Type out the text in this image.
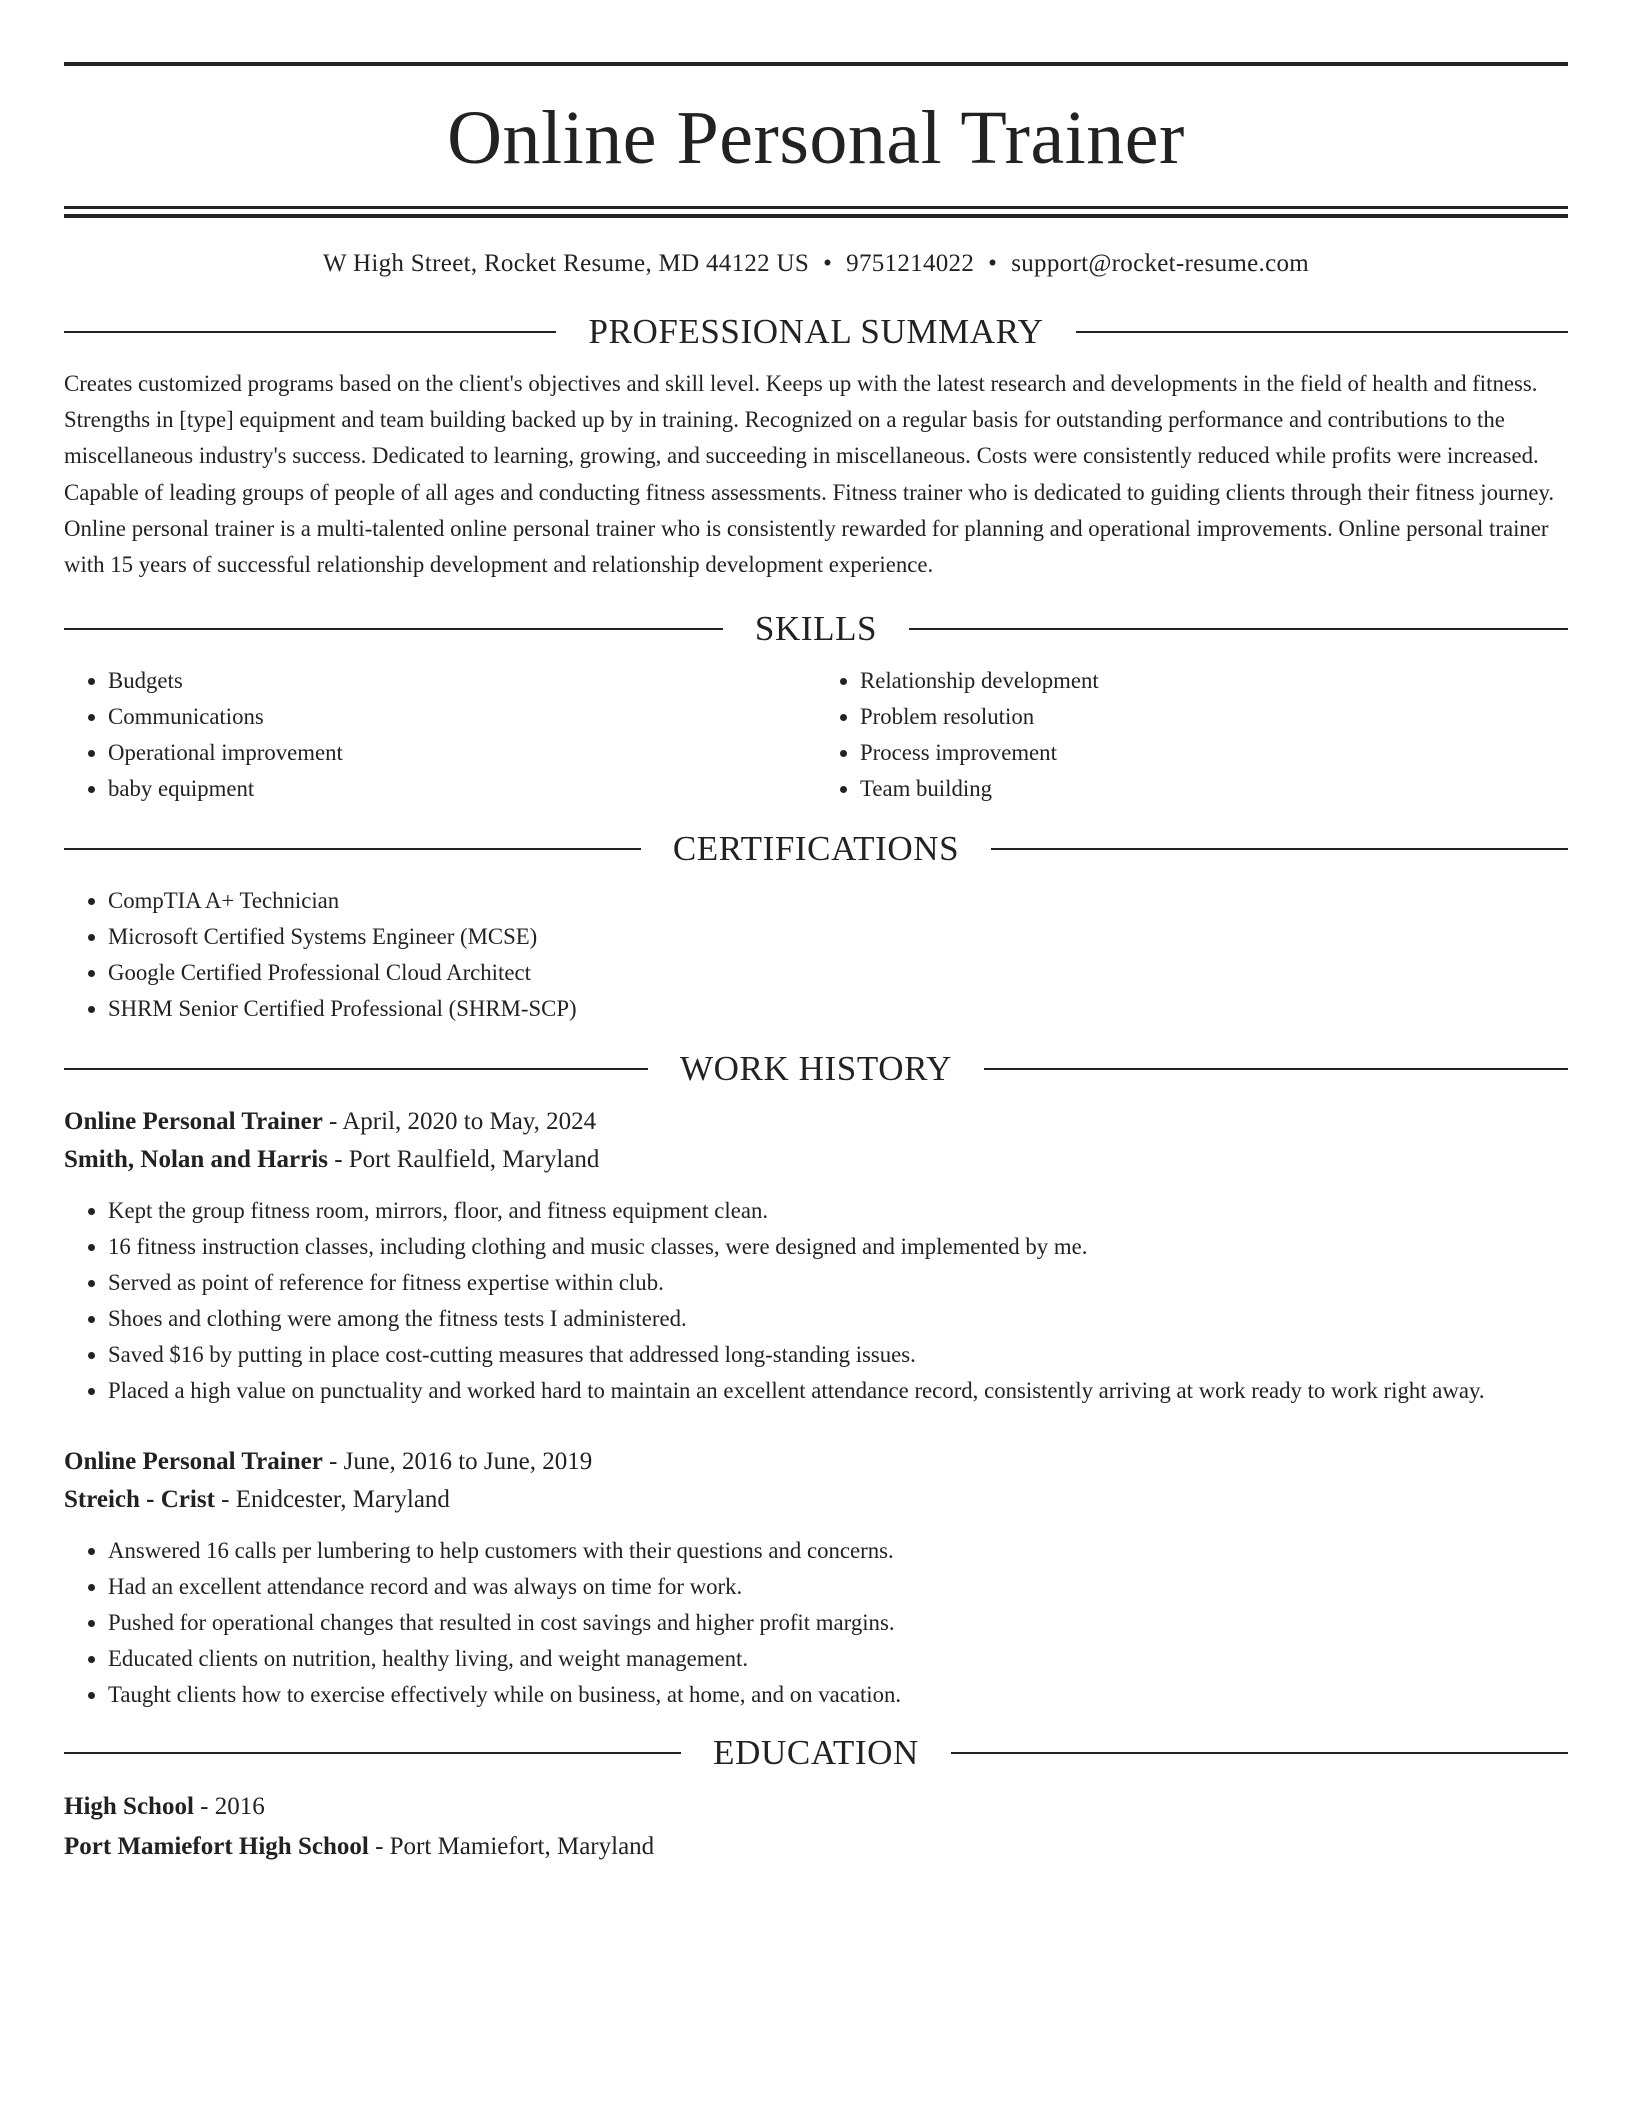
Online Personal Trainer
W High Street, Rocket Resume, MD 44122 US • 9751214022 • support@rocket-resume.com
PROFESSIONAL SUMMARY

Creates customized programs based on the client's objectives and skill level. Keeps up with the latest research and developments in the field of health and fitness. Strengths in [type] equipment and team building backed up by in training. Recognized on a regular basis for outstanding performance and contributions to the miscellaneous industry's success. Dedicated to learning, growing, and succeeding in miscellaneous. Costs were consistently reduced while profits were increased. Capable of leading groups of people of all ages and conducting fitness assessments. Fitness trainer who is dedicated to guiding clients through their fitness journey. Online personal trainer is a multi-talented online personal trainer who is consistently rewarded for planning and operational improvements. Online personal trainer with 15 years of successful relationship development and relationship development experience.

SKILLS
• Budgets
• Communications
• Operational improvement
• baby equipment
• Relationship development
• Problem resolution
• Process improvement
• Team building
CERTIFICATIONS
• CompTIA A+ Technician
• Microsoft Certified Systems Engineer (MCSE)
• Google Certified Professional Cloud Architect
• SHRM Senior Certified Professional (SHRM-SCP)
WORK HISTORY
Online Personal Trainer - April, 2020 to May, 2024
Smith, Nolan and Harris - Port Raulfield, Maryland
• Kept the group fitness room, mirrors, floor, and fitness equipment clean.
• 16 fitness instruction classes, including clothing and music classes, were designed and implemented by me.
• Served as point of reference for fitness expertise within club.
• Shoes and clothing were among the fitness tests I administered.
• Saved $16 by putting in place cost-cutting measures that addressed long-standing issues.
• Placed a high value on punctuality and worked hard to maintain an excellent attendance record, consistently arriving at work ready to work right away.
Online Personal Trainer - June, 2016 to June, 2019
Streich - Crist - Enidcester, Maryland
• Answered 16 calls per lumbering to help customers with their questions and concerns.
• Had an excellent attendance record and was always on time for work.
• Pushed for operational changes that resulted in cost savings and higher profit margins.
• Educated clients on nutrition, healthy living, and weight management.
• Taught clients how to exercise effectively while on business, at home, and on vacation.
EDUCATION
High School - 2016
Port Mamiefort High School - Port Mamiefort, Maryland
